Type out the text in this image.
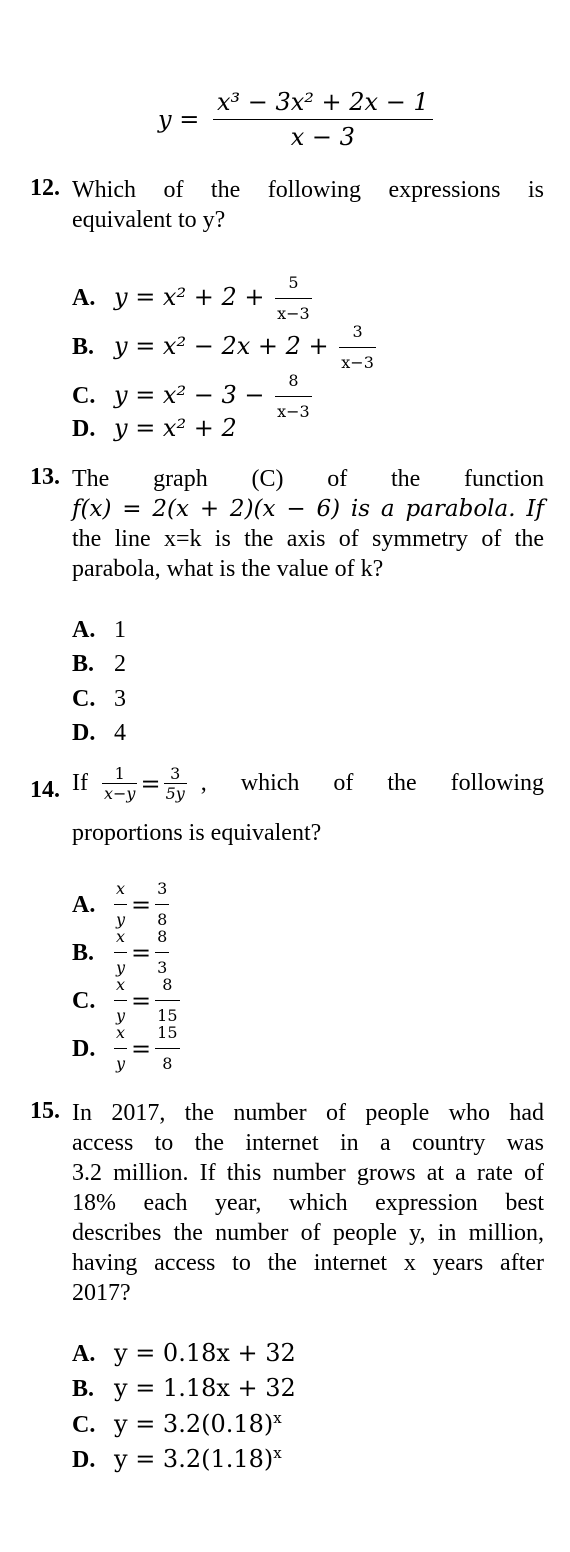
$y = \frac{\text{x³ − 3x² + 2x − 1}}{x - 3}$
12. Which of the following expressions is
equivalent to y?
A. $y = x^2 + 2 + \frac{5}{x-3}$
B. $y = x^2 - 2x + 2 + \frac{3}{x-3}$
C. $y = x^2 - 3 - \frac{8}{x-3}$
D. y = x² + 2
13. The graph (C) of the function
f(x) = 2(x + 2)(x − 6) is a parabola. If
the line x=k is the axis of symmetry of the
parabola, what is the value of k?
A. 1
B. 2
C. 3
D. 4
14. If $\frac{1}{x-y} = \frac{3}{5y}$ , which of the following
proportions is equivalent?
A.	$\frac{x}{y} = \frac{3}{8}$
B.	$\frac{x}{y} = \frac{8}{3}$
C.	$\frac{x}{y} = \frac{8}{15}$
D.	$\frac{x}{y} = \frac{15}{8}$
15. In 2017, the number of people who had
access to the internet in a country was
3.2 million. If this number grows at a rate of
18% each year, which expression best
describes the number of people y, in million,
having access to the internet x years after
2017?
A. y = 0.18x + 32
B. y = 1.18x + 32
C. $y = 3.2(0.18)^x$
D. $y = 3.2(1.18)^x$
